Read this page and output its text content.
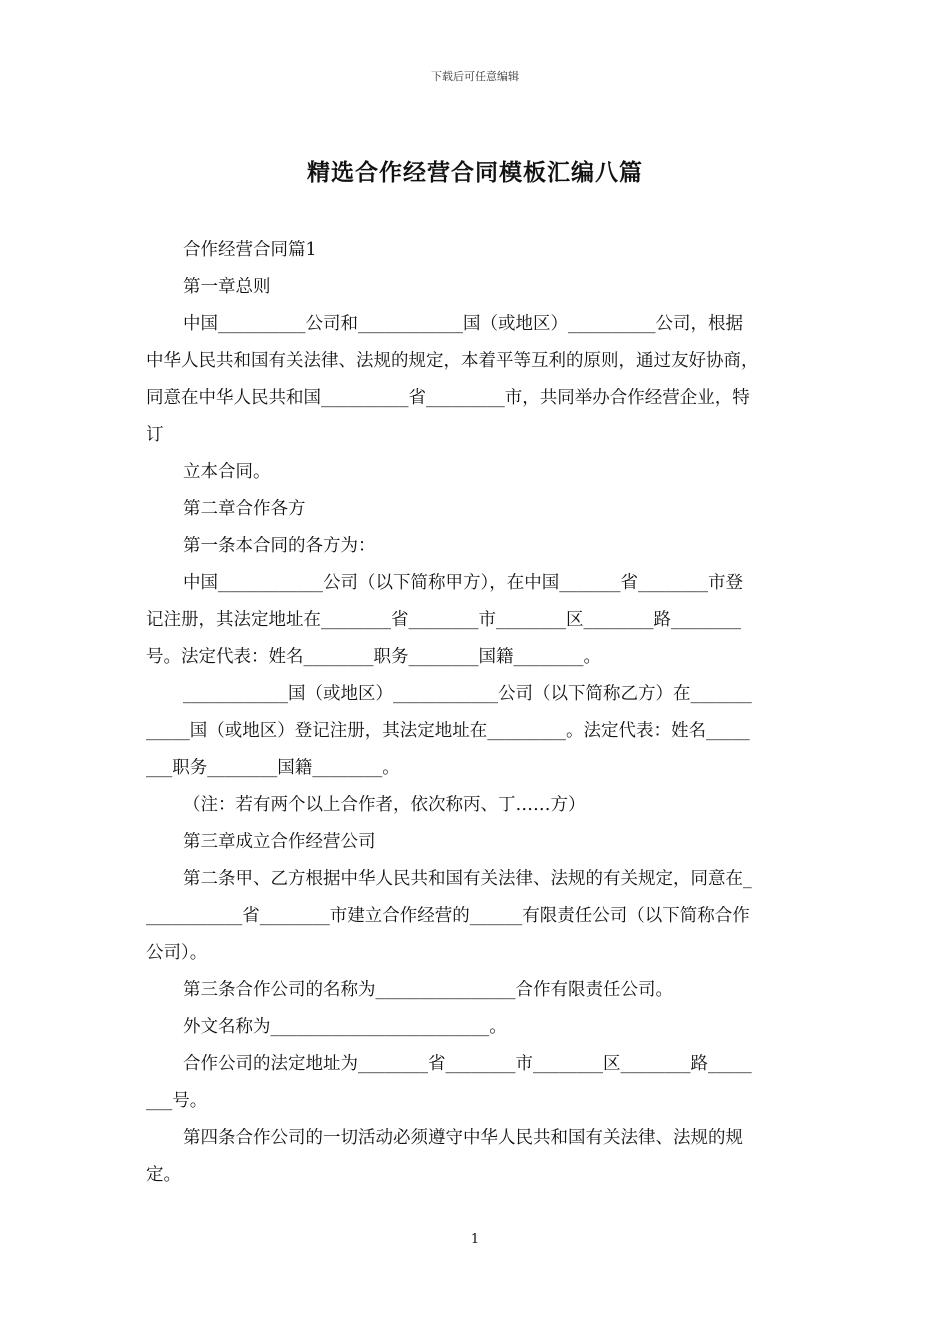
下载后可任意编辑
精选合作经营合同模板汇编八篇
合作经营合同篇1
第一章总则
中国__________公司和____________国（或地区）__________公司，根据
中华人民共和国有关法律、法规的规定，本着平等互利的原则，通过友好协商，
同意在中华人民共和国__________省_________市，共同举办合作经营企业，特
订
立本合同。
第二章合作各方
第一条本合同的各方为：
中国____________公司（以下简称甲方），在中国_______省________市登
记注册，其法定地址在________省________市________区________路________
号。法定代表：姓名________职务________国籍________。
____________国（或地区）____________公司（以下简称乙方）在_______
_____国（或地区）登记注册，其法定地址在_________。法定代表：姓名_____
___职务________国籍________。
（注：若有两个以上合作者，依次称丙、丁……方）
第三章成立合作经营公司
第二条甲、乙方根据中华人民共和国有关法律、法规的有关规定，同意在_
___________省________市建立合作经营的______有限责任公司（以下简称合作
公司）。
第三条合作公司的名称为________________合作有限责任公司。
外文名称为_________________________。
合作公司的法定地址为________省________市________区________路_____
___号。
第四条合作公司的一切活动必须遵守中华人民共和国有关法律、法规的规
定。
1
